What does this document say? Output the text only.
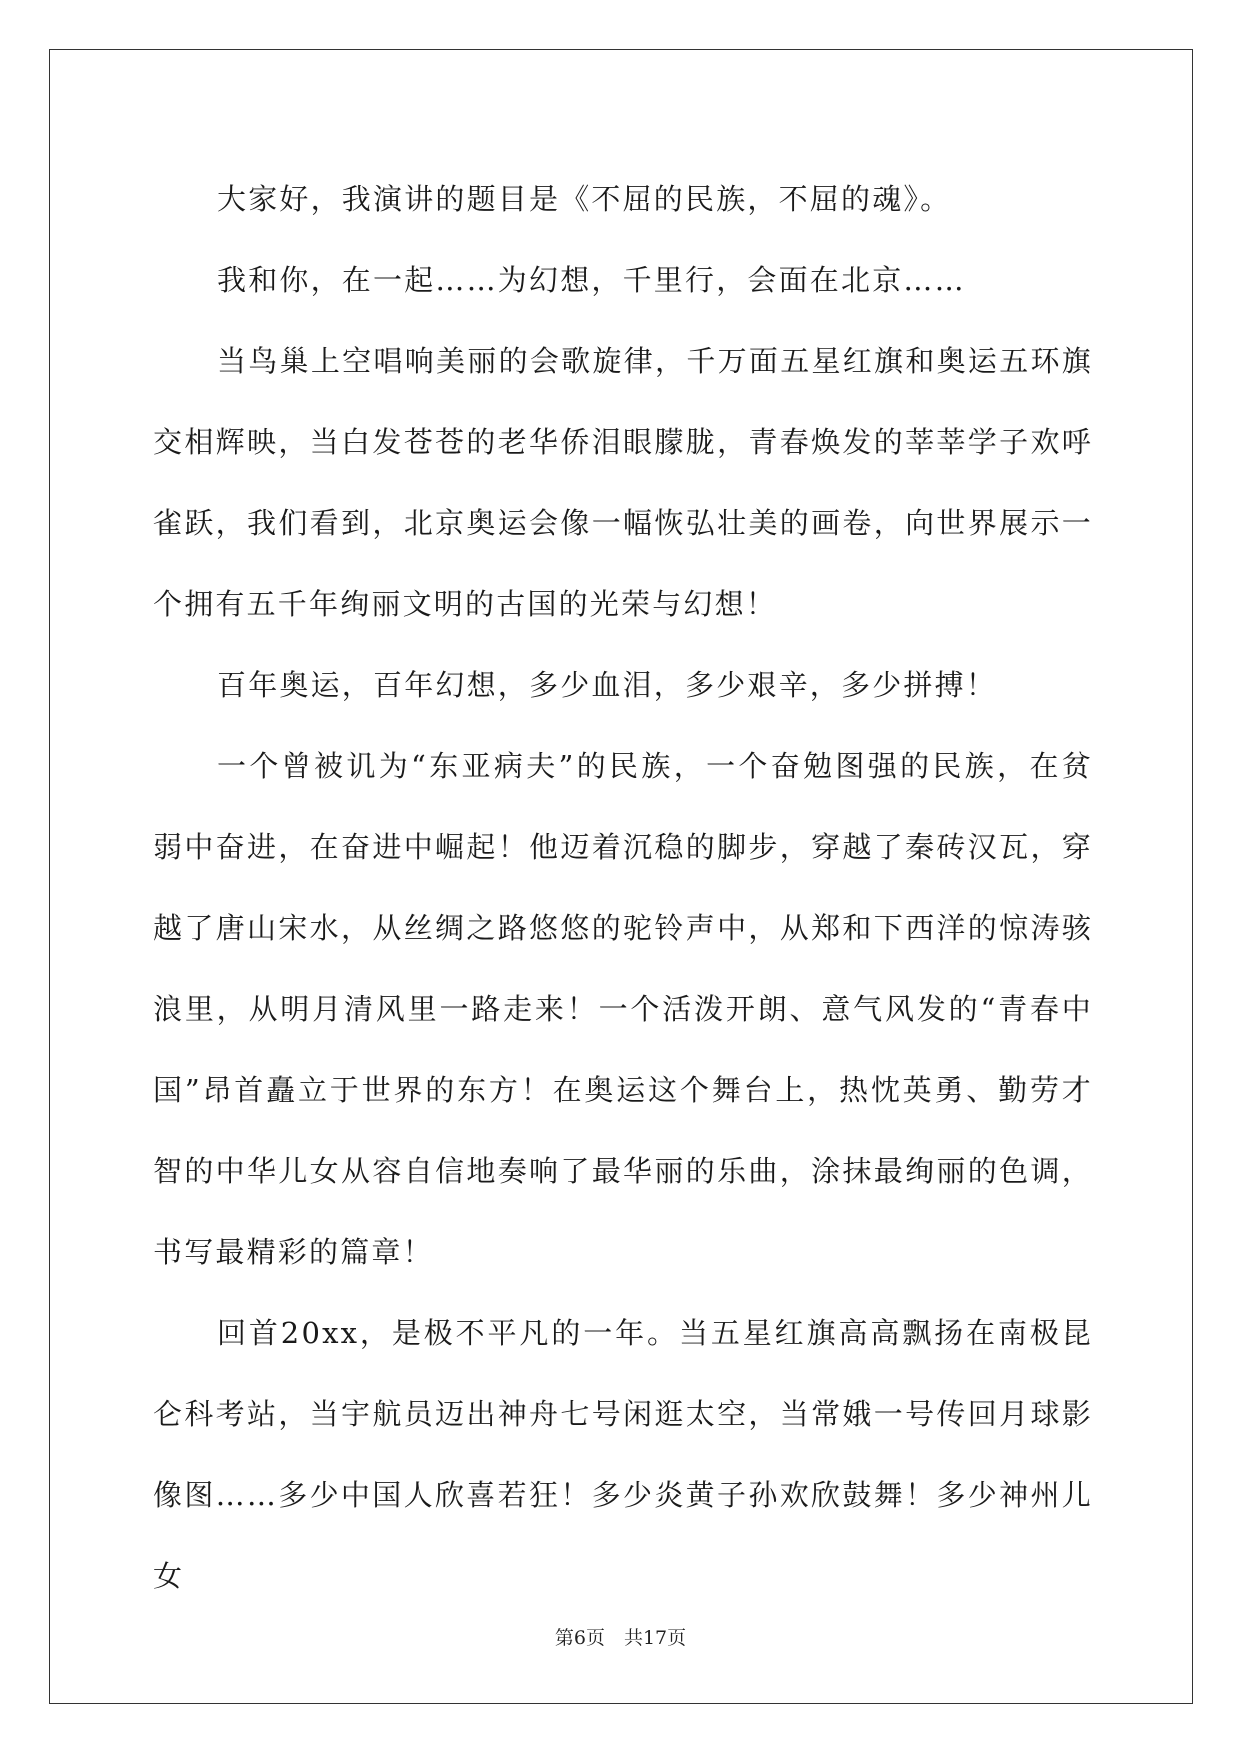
大家好，我演讲的题目是《不屈的民族，不屈的魂》。

我和你，在一起……为幻想，千里行，会面在北京……

当鸟巢上空唱响美丽的会歌旋律，千万面五星红旗和奥运五环旗交相辉映，当白发苍苍的老华侨泪眼朦胧，青春焕发的莘莘学子欢呼雀跃，我们看到，北京奥运会像一幅恢弘壮美的画卷，向世界展示一个拥有五千年绚丽文明的古国的光荣与幻想！

百年奥运，百年幻想，多少血泪，多少艰辛，多少拼搏！

一个曾被讥为“东亚病夫”的民族，一个奋勉图强的民族，在贫弱中奋进，在奋进中崛起！他迈着沉稳的脚步，穿越了秦砖汉瓦，穿越了唐山宋水，从丝绸之路悠悠的驼铃声中，从郑和下西洋的惊涛骇浪里，从明月清风里一路走来！一个活泼开朗、意气风发的“青春中国”昂首矗立于世界的东方！在奥运这个舞台上，热忱英勇、勤劳才智的中华儿女从容自信地奏响了最华丽的乐曲，涂抹最绚丽的色调，书写最精彩的篇章！

回首20xx，是极不平凡的一年。当五星红旗高高飘扬在南极昆仑科考站，当宇航员迈出神舟七号闲逛太空，当常娥一号传回月球影像图……多少中国人欣喜若狂！多少炎黄子孙欢欣鼓舞！多少神州儿女

第6页　共17页
